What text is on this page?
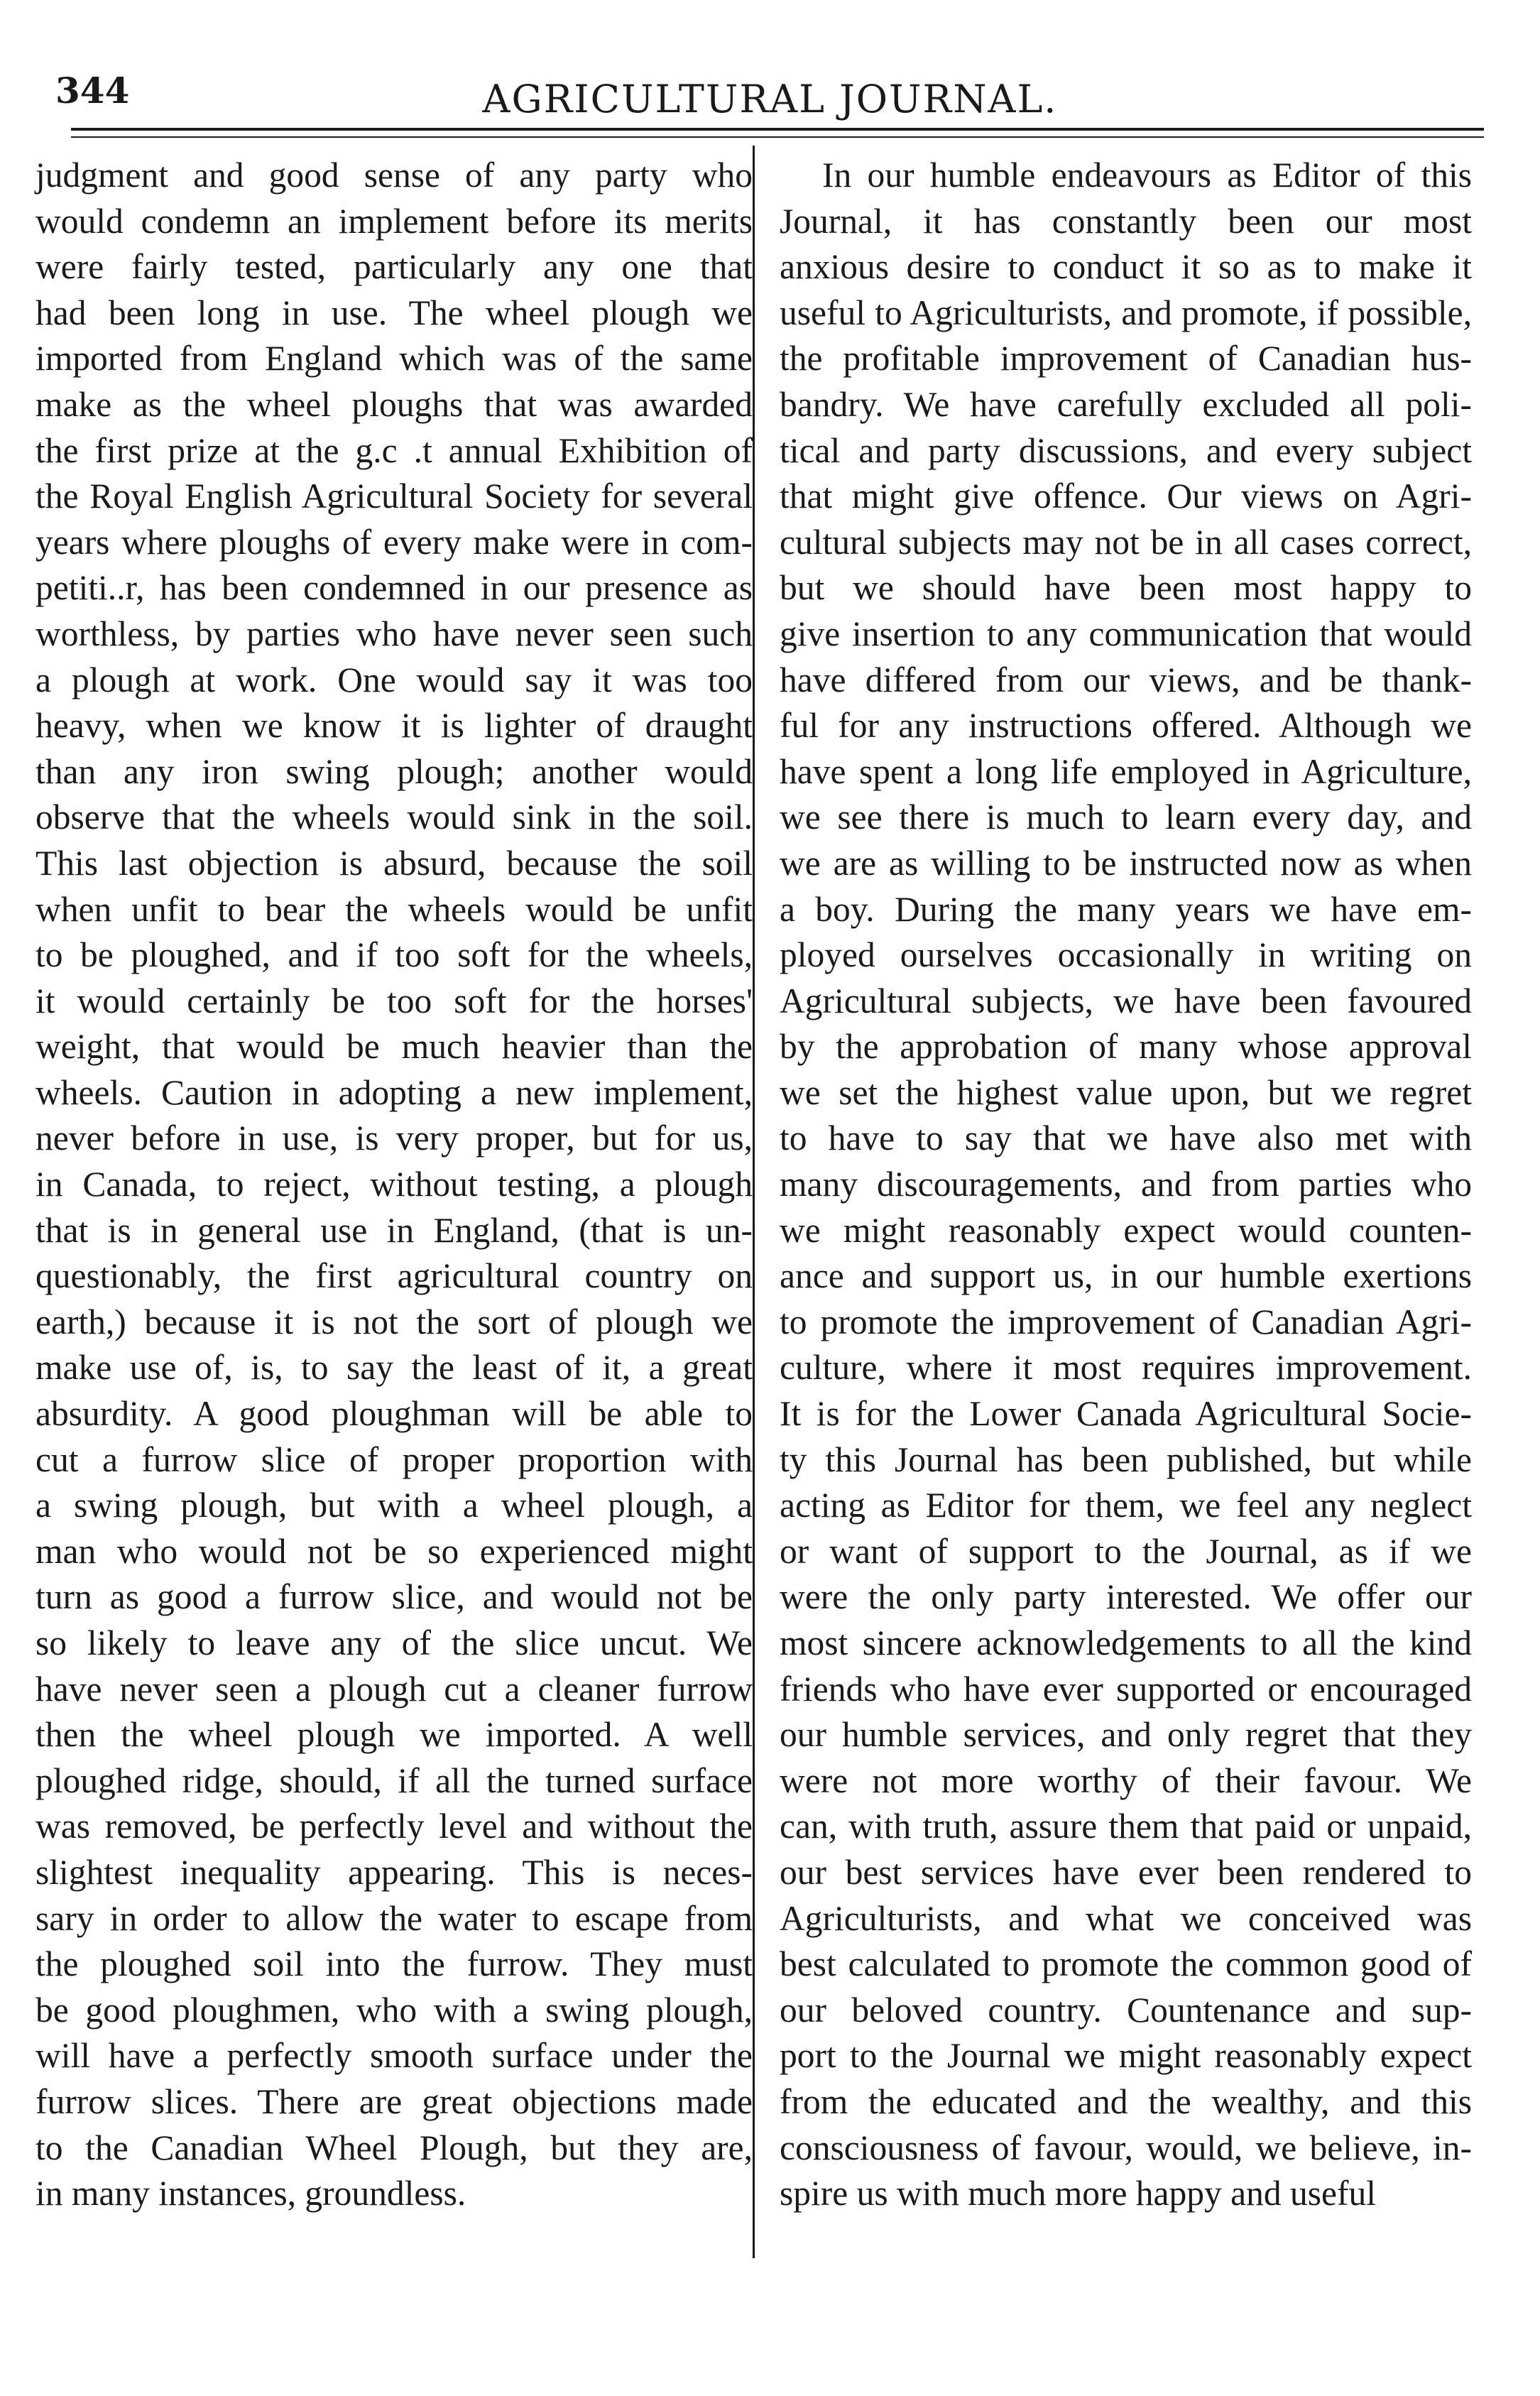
344	AGRICULTURAL JOURNAL.

judgment and good sense of any party who

would condemn an implement before its merits

were fairly tested, particularly any one that

had been long in use. The wheel plough we

imported from England which was of the same

make as the wheel ploughs that was awarded

the first prize at the g.c .t annual Exhibition of

the Royal English Agricultural Society for several

years where ploughs of every make were in com-

petiti..r, has been condemned in our presence as

worthless, by parties who have never seen such

a plough at work. One would say it was too

heavy, when we know it is lighter of draught

than any iron swing plough; another would

observe that the wheels would sink in the soil.

This last objection is absurd, because the soil

when unfit to bear the wheels would be unfit

to be ploughed, and if too soft for the wheels,

it would certainly be too soft for the horses'

weight, that would be much heavier than the

wheels. Caution in adopting a new implement,

never before in use, is very proper, but for us,

in Canada, to reject, without testing, a plough

that is in general use in England, (that is un-

questionably, the first agricultural country on

earth,) because it is not the sort of plough we

make use of, is, to say the least of it, a great

absurdity. A good ploughman will be able to

cut a furrow slice of proper proportion with

a swing plough, but with a wheel plough, a

man who would not be so experienced might

turn as good a furrow slice, and would not be

so likely to leave any of the slice uncut. We

have never seen a plough cut a cleaner furrow

then the wheel plough we imported. A well

ploughed ridge, should, if all the turned surface

was removed, be perfectly level and without the

slightest inequality appearing. This is neces-

sary in order to allow the water to escape from

the ploughed soil into the furrow. They must

be good ploughmen, who with a swing plough,

will have a perfectly smooth surface under the

furrow slices. There are great objections made

to the Canadian Wheel Plough, but they are,

in many instances, groundless.

In our humble endeavours as Editor of this

Journal, it has constantly been our most

anxious desire to conduct it so as to make it

useful to Agriculturists, and promote, if possible,

the profitable improvement of Canadian hus-

bandry. We have carefully excluded all poli-

tical and party discussions, and every subject

that might give offence. Our views on Agri-

cultural subjects may not be in all cases correct,

but we should have been most happy to

give insertion to any communication that would

have differed from our views, and be thank-

ful for any instructions offered. Although we

have spent a long life employed in Agriculture,

we see there is much to learn every day, and

we are as willing to be instructed now as when

a boy. During the many years we have em-

ployed ourselves occasionally in writing on

Agricultural subjects, we have been favoured

by the approbation of many whose approval

we set the highest value upon, but we regret

to have to say that we have also met with

many discouragements, and from parties who

we might reasonably expect would counten-

ance and support us, in our humble exertions

to promote the improvement of Canadian Agri-

culture, where it most requires improvement.

It is for the Lower Canada Agricultural Socie-

ty this Journal has been published, but while

acting as Editor for them, we feel any neglect

or want of support to the Journal, as if we

were the only party interested. We offer our

most sincere acknowledgements to all the kind

friends who have ever supported or encouraged

our humble services, and only regret that they

were not more worthy of their favour. We

can, with truth, assure them that paid or unpaid,

our best services have ever been rendered to

Agriculturists, and what we conceived was

best calculated to promote the common good of

our beloved country. Countenance and sup-

port to the Journal we might reasonably expect

from the educated and the wealthy, and this

consciousness of favour, would, we believe, in-

spire us with much more happy and useful
